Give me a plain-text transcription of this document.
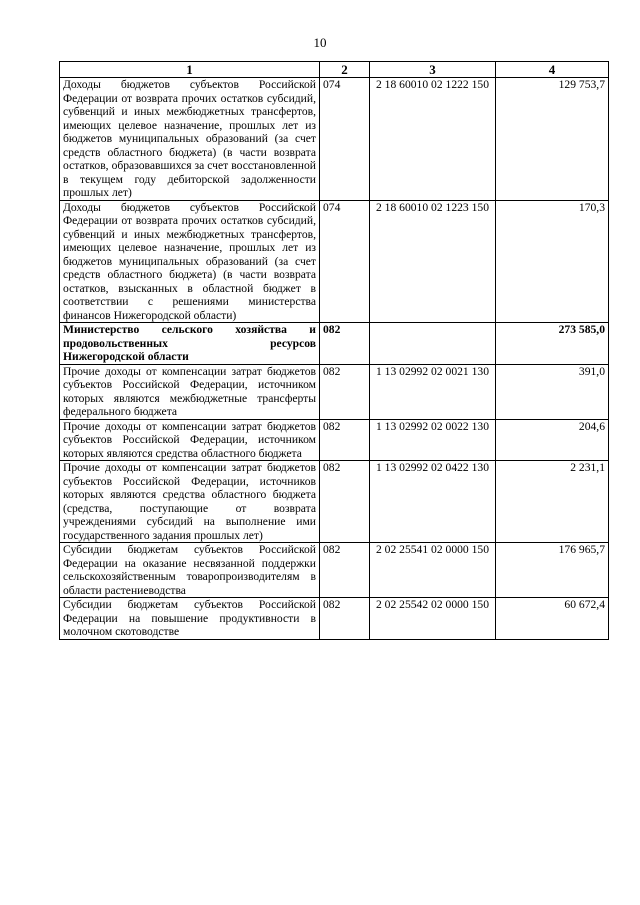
10
1	2	3	4
Доходы бюджетов субъектов Российской Федерации от возврата прочих остатков субсидий, субвенций и иных межбюджетных трансфертов, имеющих целевое назначение, прошлых лет из бюджетов муниципальных образований (за счет средств областного бюджета) (в части возврата остатков, образовавшихся за счет восстановленной в текущем году дебиторской задолженности прошлых лет)	074	2 18 60010 02 1222 150	129 753,7
Доходы бюджетов субъектов Российской Федерации от возврата прочих остатков субсидий, субвенций и иных межбюджетных трансфертов, имеющих целевое назначение, прошлых лет из бюджетов муниципальных образований (за счет средств областного бюджета) (в части возврата остатков, взысканных в областной бюджет в соответствии с решениями министерства финансов Нижегородской области)	074	2 18 60010 02 1223 150	170,3
Министерство сельского хозяйства и продовольственных ресурсов
Нижегородской области	082		273 585,0
Прочие доходы от компенсации затрат бюджетов субъектов Российской Федерации, источником которых являются межбюджетные трансферты федерального бюджета	082	1 13 02992 02 0021 130	391,0
Прочие доходы от компенсации затрат бюджетов субъектов Российской Федерации, источником которых являются средства областного бюджета	082	1 13 02992 02 0022 130	204,6
Прочие доходы от компенсации затрат бюджетов субъектов Российской Федерации, источников которых являются средства областного бюджета (средства, поступающие от возврата учреждениями субсидий на выполнение ими государственного задания прошлых лет)	082	1 13 02992 02 0422 130	2 231,1
Субсидии бюджетам субъектов Российской Федерации на оказание несвязанной поддержки сельскохозяйственным товаропроизводителям в области растениеводства	082	2 02 25541 02 0000 150	176 965,7
Субсидии бюджетам субъектов Российской Федерации на повышение продуктивности в молочном скотоводстве	082	2 02 25542 02 0000 150	60 672,4
